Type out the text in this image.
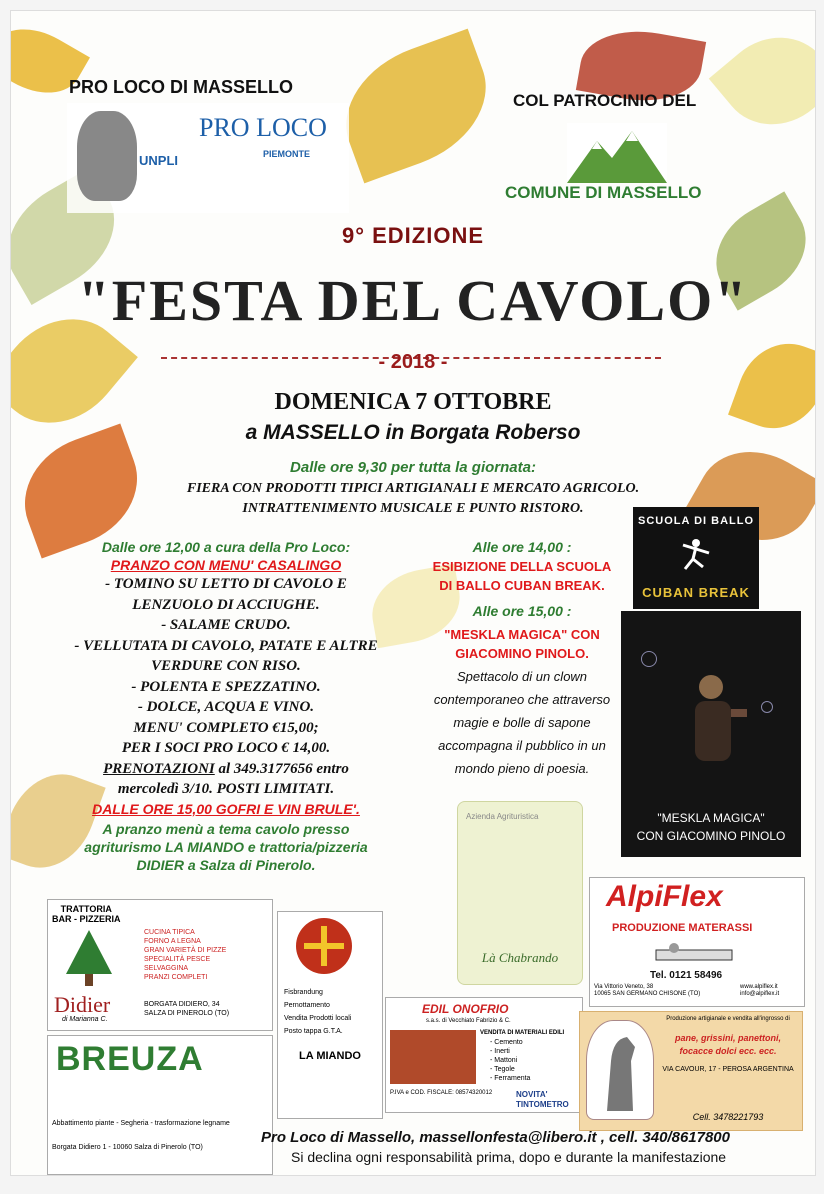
PRO LOCO DI MASSELLO
UNPLI
PRO LOCO
PIEMONTE
COL PATROCINIO DEL
COMUNE DI MASSELLO
9° EDIZIONE
"FESTA DEL CAVOLO"
- 2018 -
DOMENICA 7 OTTOBRE
a MASSELLO in Borgata Roberso
Dalle ore 9,30 per tutta la giornata:
FIERA CON PRODOTTI TIPICI ARTIGIANALI E MERCATO AGRICOLO.
INTRATTENIMENTO MUSICALE E PUNTO RISTORO.
Dalle ore 12,00 a cura della Pro Loco:
PRANZO CON MENU' CASALINGO
- TOMINO SU LETTO DI CAVOLO E
LENZUOLO DI ACCIUGHE.
- SALAME CRUDO.
- VELLUTATA DI CAVOLO, PATATE E ALTRE
VERDURE CON RISO.
- POLENTA E SPEZZATINO.
- DOLCE, ACQUA E VINO.
MENU' COMPLETO €15,00;
PER I SOCI PRO LOCO € 14,00.
PRENOTAZIONI al 349.3177656 entro
mercoledì 3/10. POSTI LIMITATI.
DALLE ORE 15,00 GOFRI E VIN BRULE'.
A pranzo menù a tema cavolo presso
agriturismo LA MIANDO e trattoria/pizzeria
DIDIER a Salza di Pinerolo.
Alle ore 14,00 :
ESIBIZIONE DELLA SCUOLA
DI BALLO CUBAN BREAK.
Alle ore 15,00 :
"MESKLA MAGICA" CON
GIACOMINO PINOLO.
Spettacolo di un clown
contemporaneo che attraverso
magie e bolle di sapone
accompagna il pubblico in un
mondo pieno di poesia.
SCUOLA DI BALLO
CUBAN BREAK
"MESKLA MAGICA"
CON GIACOMINO PINOLO
Azienda Agrituristica
Là Chabrando
AlpiFlex
PRODUZIONE MATERASSI
Tel. 0121 58496
Via Vittorio Veneto, 38
10065 SAN GERMANO CHISONE (TO)
www.alpiflex.it
info@alpiflex.it
TRATTORIA
BAR - PIZZERIA
Didier
di Marianna C.
CUCINA TIPICA
FORNO A LEGNA
GRAN VARIETÀ DI PIZZE
SPECIALITÀ PESCE
SELVAGGINA
PRANZI COMPLETI
BORGATA DIDIERO, 34
SALZA DI PINEROLO (TO)
Fisbrandung
Pernottamento
Vendita Prodotti locali
Posto tappa G.T.A.
LA MIANDO
BREUZA
Abbattimento piante - Segheria - trasformazione legname
Borgata Didiero 1 - 10060 Salza di Pinerolo (TO)
EDIL ONOFRIO
s.a.s. di Vecchiato Fabrizio & C.
VENDITA DI MATERIALI EDILI
- Cemento
- Inerti
- Mattoni
- Tegole
- Ferramenta
P.IVA e COD. FISCALE: 08574320012	NOVITA' TINTOMETRO
Produzione artigianale e vendita all'ingrosso di
pane, grissini, panettoni, focacce dolci ecc. ecc.
VIA CAVOUR, 17 - PEROSA ARGENTINA
Cell. 3478221793
Pro Loco di Massello, massellonfesta@libero.it , cell. 340/8617800
Si declina ogni responsabilità prima, dopo e durante la manifestazione
